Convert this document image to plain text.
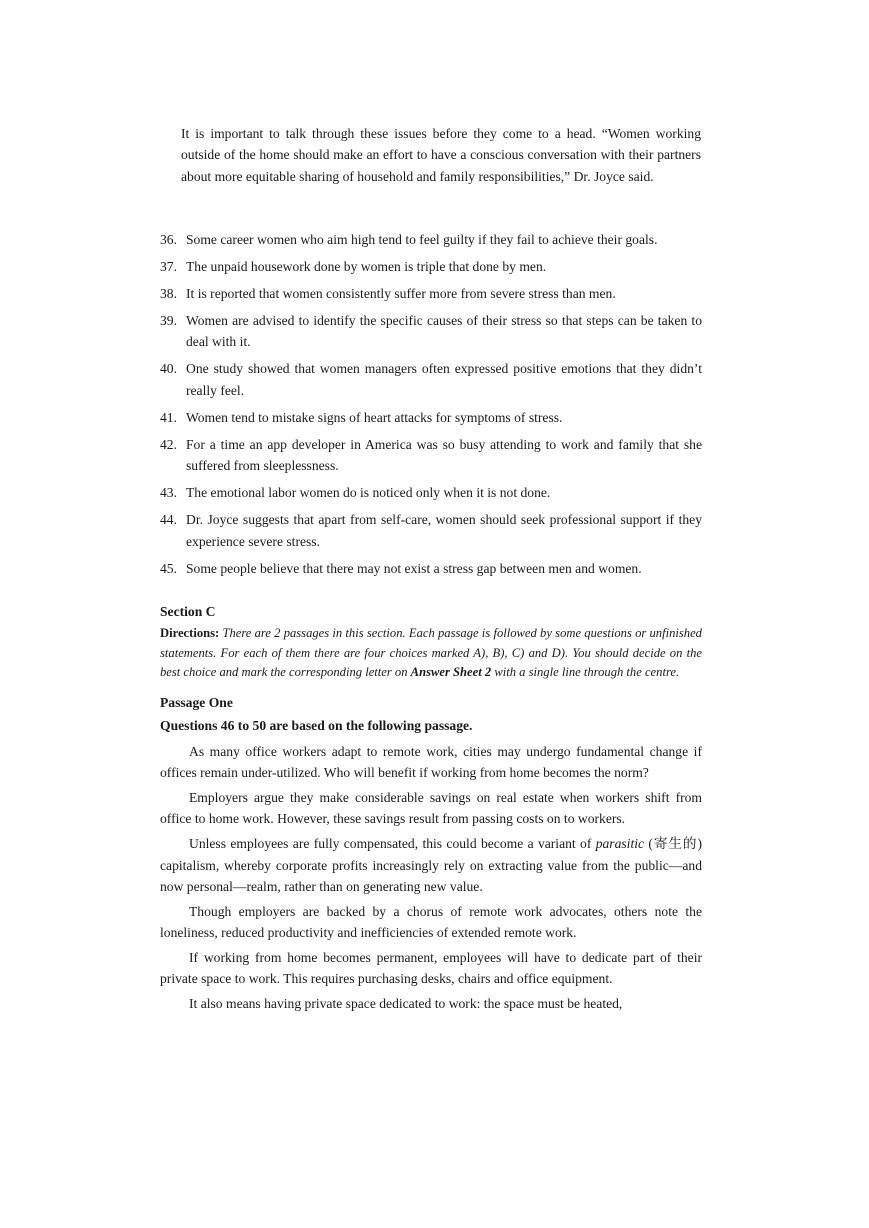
It is important to talk through these issues before they come to a head. “Women working outside of the home should make an effort to have a conscious conversation with their partners about more equitable sharing of household and family responsibilities,” Dr. Joyce said.

36. Some career women who aim high tend to feel guilty if they fail to achieve their goals.
37. The unpaid housework done by women is triple that done by men.
38. It is reported that women consistently suffer more from severe stress than men.
39. Women are advised to identify the specific causes of their stress so that steps can be taken to deal with it.
40. One study showed that women managers often expressed positive emotions that they didn’t really feel.
41. Women tend to mistake signs of heart attacks for symptoms of stress.
42. For a time an app developer in America was so busy attending to work and family that she suffered from sleeplessness.
43. The emotional labor women do is noticed only when it is not done.
44. Dr. Joyce suggests that apart from self-care, women should seek professional support if they experience severe stress.
45. Some people believe that there may not exist a stress gap between men and women.

Section C

Directions: There are 2 passages in this section. Each passage is followed by some questions or unfinished statements. For each of them there are four choices marked A), B), C) and D). You should decide on the best choice and mark the corresponding letter on Answer Sheet 2 with a single line through the centre.

Passage One

Questions 46 to 50 are based on the following passage.

As many office workers adapt to remote work, cities may undergo fundamental change if offices remain under-utilized. Who will benefit if working from home becomes the norm?

Employers argue they make considerable savings on real estate when workers shift from office to home work. However, these savings result from passing costs on to workers.

Unless employees are fully compensated, this could become a variant of parasitic (寄生的) capitalism, whereby corporate profits increasingly rely on extracting value from the public—and now personal—realm, rather than on generating new value.

Though employers are backed by a chorus of remote work advocates, others note the loneliness, reduced productivity and inefficiencies of extended remote work.

If working from home becomes permanent, employees will have to dedicate part of their private space to work. This requires purchasing desks, chairs and office equipment.

It also means having private space dedicated to work: the space must be heated,
